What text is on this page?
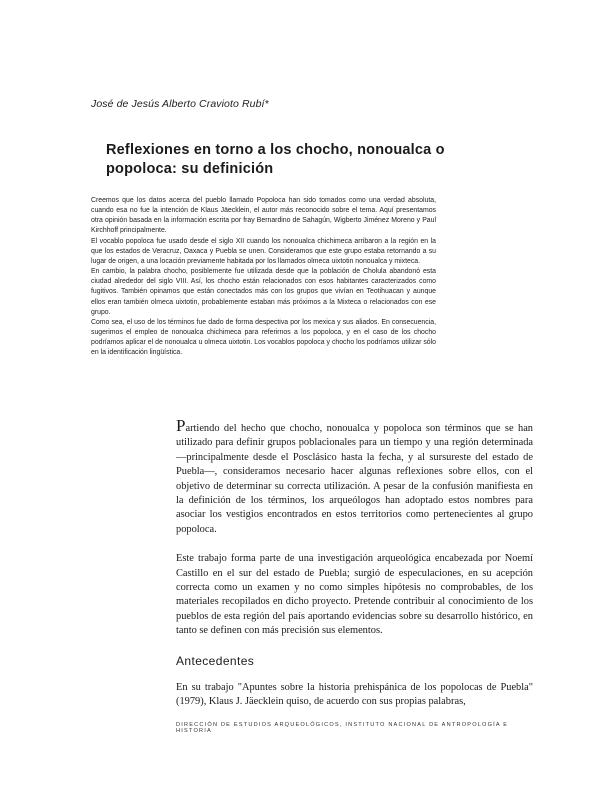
José de Jesús Alberto Cravioto Rubí*

Reflexiones en torno a los chocho, nonoualca o popoloca: su definición

Creemos que los datos acerca del pueblo llamado Popoloca han sido tomados como una verdad absoluta, cuando esa no fue la intención de Klaus Jäecklein, el autor más reconocido sobre el tema. Aquí presentamos otra opinión basada en la información escrita por fray Bernardino de Sahagún, Wigberto Jiménez Moreno y Paul Kirchhoff principalmente.

El vocablo popoloca fue usado desde el siglo XII cuando los nonoualca chichimeca arribaron a la región en la que los estados de Veracruz, Oaxaca y Puebla se unen. Consideramos que este grupo estaba retornando a su lugar de origen, a una locación previamente habitada por los llamados olmeca uixtotin nonoualca y mixteca.

En cambio, la palabra chocho, posiblemente fue utilizada desde que la población de Cholula abandonó esta ciudad alrededor del siglo VIII. Así, los chocho están relacionados con esos habitantes caracterizados como fugitivos. También opinamos que están conectados más con los grupos que vivían en Teotihuacan y aunque ellos eran también olmeca uixtotin, probablemente estaban más próximos a la Mixteca o relacionados con ese grupo.

Como sea, el uso de los términos fue dado de forma despectiva por los mexica y sus aliados. En consecuencia, sugerimos el empleo de nonoualca chichimeca para referirnos a los popoloca, y en el caso de los chocho podríamos aplicar el de nonoualca u olmeca uixtotin. Los vocablos popoloca y chocho los podríamos utilizar sólo en la identificación lingüística.

Partiendo del hecho que chocho, nonoualca y popoloca son términos que se han utilizado para definir grupos poblacionales para un tiempo y una región determinada —principalmente desde el Posclásico hasta la fecha, y al sursureste del estado de Puebla—, consideramos necesario hacer algunas reflexiones sobre ellos, con el objetivo de determinar su correcta utilización. A pesar de la confusión manifiesta en la definición de los términos, los arqueólogos han adoptado estos nombres para asociar los vestigios encontrados en estos territorios como pertenecientes al grupo popoloca.

Este trabajo forma parte de una investigación arqueológica encabezada por Noemí Castillo en el sur del estado de Puebla; surgió de especulaciones, en su acepción correcta como un examen y no como simples hipótesis no comprobables, de los materiales recopilados en dicho proyecto. Pretende contribuir al conocimiento de los pueblos de esta región del país aportando evidencias sobre su desarrollo histórico, en tanto se definen con más precisión sus elementos.

Antecedentes

En su trabajo "Apuntes sobre la historia prehispánica de los popolocas de Puebla" (1979), Klaus J. Jäecklein quiso, de acuerdo con sus propias palabras,

DIRECCIÓN DE ESTUDIOS ARQUEOLÓGICOS, INSTITUTO NACIONAL DE ANTROPOLOGÍA E HISTORIA
